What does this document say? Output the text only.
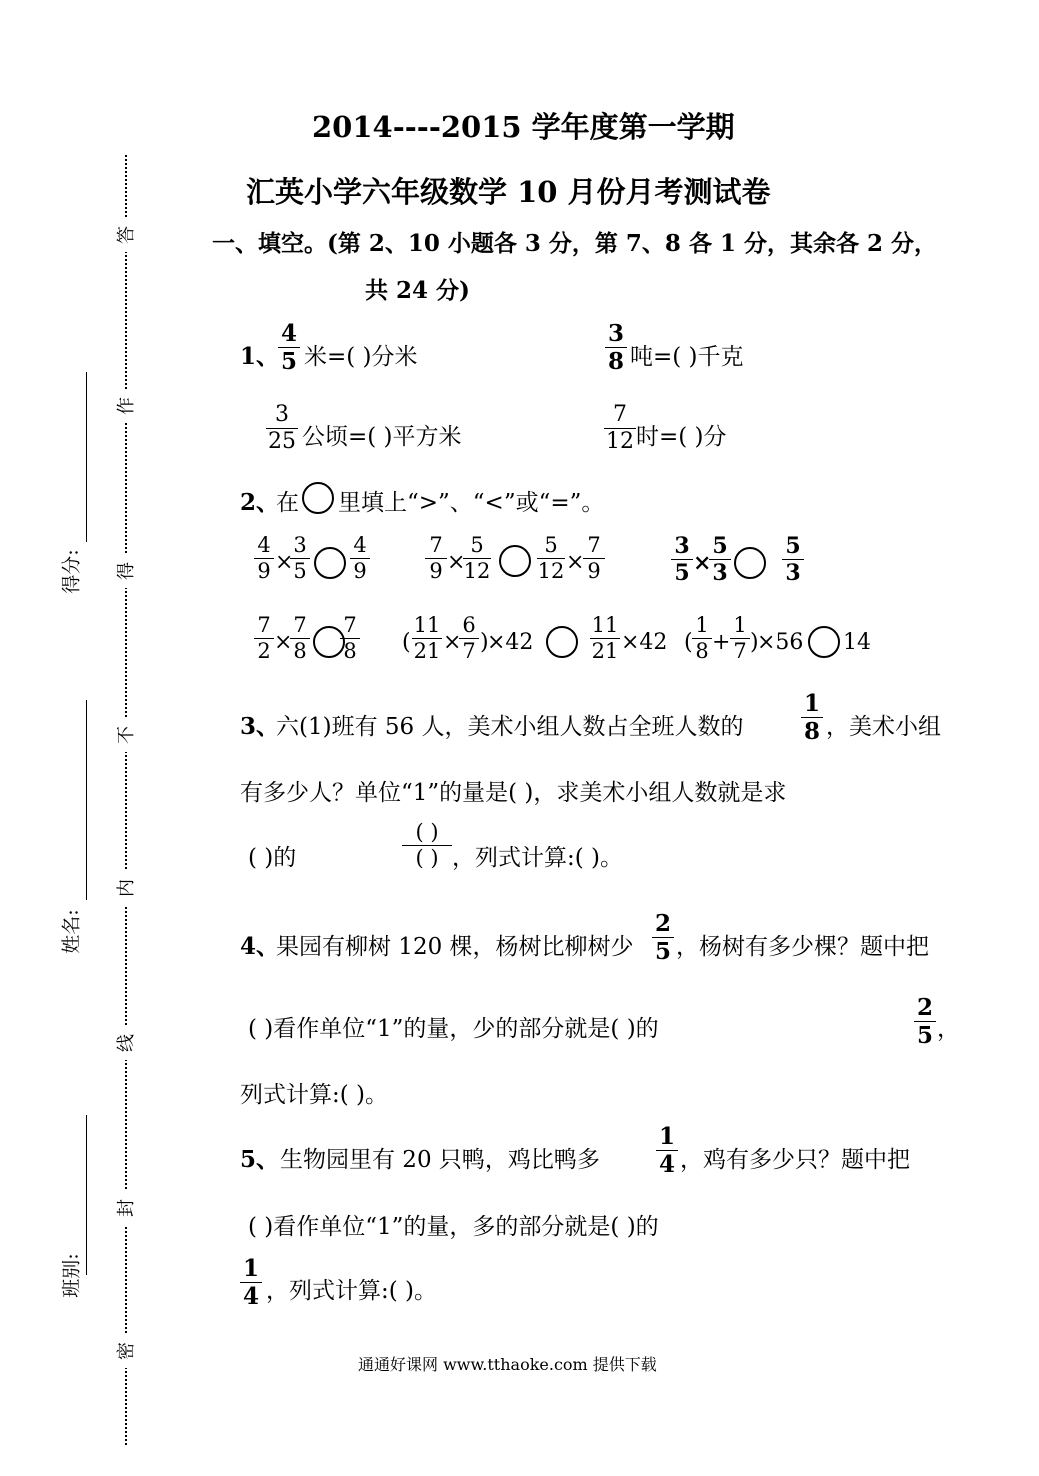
答
作
得
不
内
线
封
密
得分:
姓名:
班别:
2014----2015 学年度第一学期
汇英小学六年级数学 10 月份月考测试卷
一、填空。(第 2、10 小题各 3 分，第 7、8 各 1 分，其余各 2 分，
共 24 分)
1、
4
5 米=( )分米
3
8 吨=( )千克
3
25 公顷=( )平方米
7
12 时=( )分
2、
在 里填上“>”、“<”或“=”。
4
9 ×
3
5
4
9
7
9 ×
5
12
5
12 ×
7
9
3
5 ×
5
3
5
3
7
2 ×
7
8
7
8 (
11
21 ×
6
7 )
×42
11
21 ×42 (
1
8 +
1
7 )
×56 14
3、
六(1)班有 56 人，美术小组人数占全班人数的
1
8 ，美术小组
有多少人？单位“1”的量是( )，求美术小组人数就是求
( )的
( )
( ) ，列式计算:( )。
4、
果园有柳树 120 棵，杨树比柳树少
2
5 ，杨树有多少棵？题中把
( )看作单位“1”的量，少的部分就是( )的
2
5 ，
列式计算:( )。
5、 生物园里有 20 只鸭，鸡比鸭多
1
4 ，鸡有多少只？题中把
( )看作单位“1”的量，多的部分就是( )的
1
4 ，列式计算:( )。
通通好课网 www.tthaoke.com 提供下载
